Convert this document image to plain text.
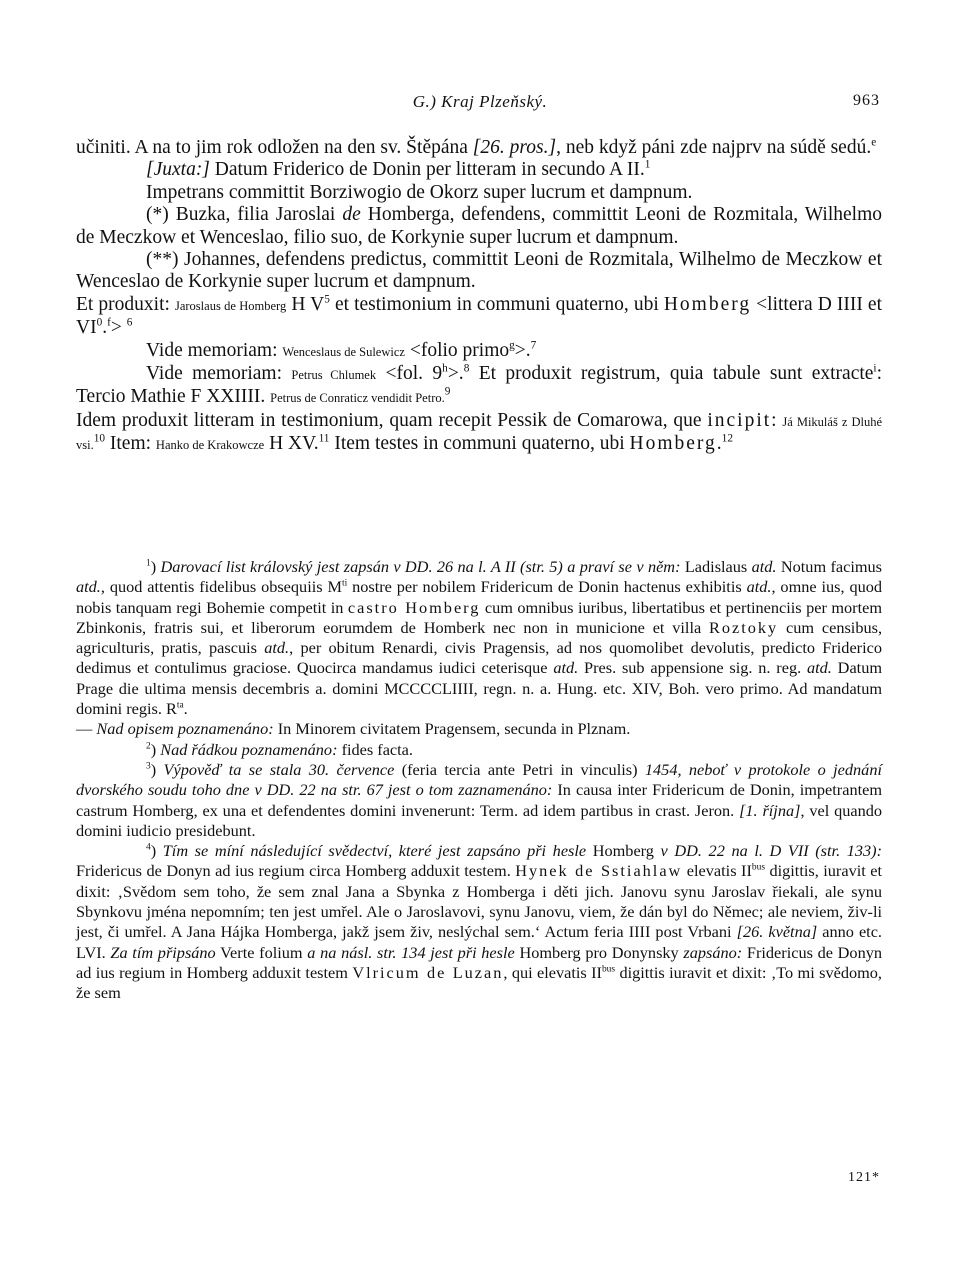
G.) Kraj Plzeňský.	963

učiniti. A na to jim rok odložen na den sv. Štěpána [26. pros.], neb když páni zde najprv na súdě sedú.$^e$

[Juxta:] Datum Friderico de Donin per litteram in secundo A II.$^1$

Impetrans committit Borziwogio de Okorz super lucrum et dampnum.

(*) Buzka, filia Jaroslai de Homberga, defendens, committit Leoni de Rozmitala, Wilhelmo de Meczkow et Wenceslao, filio suo, de Korkynie super lucrum et dampnum.

(**) Johannes, defendens predictus, committit Leoni de Rozmitala, Wilhelmo de Meczkow et Wenceslao de Korkynie super lucrum et dampnum.

Et produxit: Jaroslaus de Homberg H $V^5$ et testimonium in communi quaterno, ubi Homberg <littera D IIII et $VI^0.^f> ^6$

Vide memoriam: Wenceslaus de Sulewicz <folio primo$^g$>.$^7$

Vide memoriam: Petrus Chlumek <fol. $9^h>.^8$ Et produxit registrum, quia tabule sunt extracte$^i$: Tercio Mathie F XXIIII. Petrus de Conraticz vendidit Petro.$^9$

Idem produxit litteram in testimonium, quam recepit Pessik de Comarowa, que incipit: Já Mikuláš z Dluhé vsi.$^{10}$ Item: Hanko de Krakowcze H XV.$^{11}$ Item testes in communi quaterno, ubi Homberg.$^{12}$

$^1$) Darovací list královský jest zapsán v DD. 26 na l. A II (str. 5) a praví se v něm: Ladislaus atd. Notum facimus atd., quod attentis fidelibus obsequiis $M^{ti}$ nostre per nobilem Fridericum de Donin hactenus exhibitis atd., omne ius, quod nobis tanquam regi Bohemie competit in castro Homberg cum omnibus iuribus, libertatibus et pertinenciis per mortem Zbinkonis, fratris sui, et liberorum eorumdem de Homberk nec non in municione et villa Roztoky cum censibus, agriculturis, pratis, pascuis atd., per obitum Renardi, civis Pragensis, ad nos quomolibet devolutis, predicto Friderico dedimus et contulimus graciose. Quocirca mandamus iudici ceterisque atd. Pres. sub appensione sig. n. reg. atd. Datum Prage die ultima mensis decembris a. domini MCCCCLIIII, regn. n. a. Hung. etc. XIV, Boh. vero primo. Ad mandatum domini regis. $R^{ta}$.

— Nad opisem poznamenáno: In Minorem civitatem Pragensem, secunda in Plznam.

$^2$) Nad řádkou poznamenáno: fides facta.

$^3$) Výpověď ta se stala 30. července (feria tercia ante Petri in vinculis) 1454, neboť v protokole o jednání dvorského soudu toho dne v DD. 22 na str. 67 jest o tom zaznamenáno: In causa inter Fridericum de Donin, impetrantem castrum Homberg, ex una et defendentes domini invenerunt: Term. ad idem partibus in crast. Jeron. [1. října], vel quando domini iudicio presidebunt.

$^4$) Tím se míní následující svědectví, které jest zapsáno při hesle Homberg v DD. 22 na l. D VII (str. 133): Fridericus de Donyn ad ius regium circa Homberg adduxit testem. Hynek de Sstiahlaw elevatis $II^{bus}$ digittis, iuravit et dixit: ‚Svědom sem toho, že sem znal Jana a Sbynka z Homberga i děti jich. Janovu synu Jaroslav řiekali, ale synu Sbynkovu jména nepomním; ten jest umřel. Ale o Jaroslavovi, synu Janovu, viem, že dán byl do Němec; ale neviem, živ-li jest, či umřel. A Jana Hájka Homberga, jakž jsem živ, neslýchal sem.‘ Actum feria IIII post Vrbani [26. května] anno etc. LVI. Za tím připsáno Verte folium a na násl. str. 134 jest při hesle Homberg pro Donynsky zapsáno: Fridericus de Donyn ad ius regium in Homberg adduxit testem Vlricum de Luzan, qui elevatis $II^{bus}$ digittis iuravit et dixit: ‚To mi svědomo, že sem

121*
